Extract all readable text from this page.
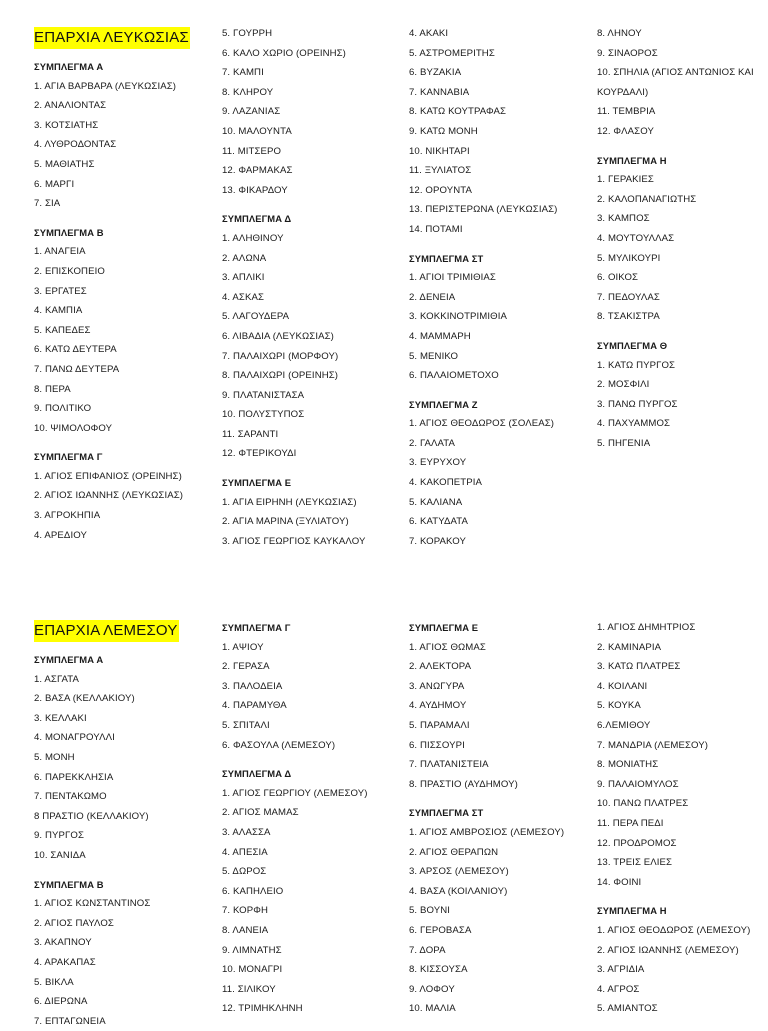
ΕΠΑΡΧΙΑ ΛΕΥΚΩΣΙΑΣ
ΣΥΜΠΛΕΓΜΑ Α
1. ΑΓΙΑ ΒΑΡΒΑΡΑ (ΛΕΥΚΩΣΙΑΣ)
2. ΑΝΑΛΙΟΝΤΑΣ
3. ΚΟΤΣΙΑΤΗΣ
4. ΛΥΘΡΟΔΟΝΤΑΣ
5. ΜΑΘΙΑΤΗΣ
6. ΜΑΡΓΙ
7. ΣΙΑ
ΣΥΜΠΛΕΓΜΑ Β
1. ΑΝΑΓΕΙΑ
2. ΕΠΙΣΚΟΠΕΙΟ
3. ΕΡΓΑΤΕΣ
4. ΚΑΜΠΙΑ
5. ΚΑΠΕΔΕΣ
6. ΚΑΤΩ ΔΕΥΤΕΡΑ
7. ΠΑΝΩ ΔΕΥΤΕΡΑ
8. ΠΕΡΑ
9. ΠΟΛΙΤΙΚΟ
10. ΨΙΜΟΛΟΦΟΥ
ΣΥΜΠΛΕΓΜΑ Γ
1. ΑΓΙΟΣ ΕΠΙΦΑΝΙΟΣ (ΟΡΕΙΝΗΣ)
2. ΑΓΙΟΣ ΙΩΑΝΝΗΣ (ΛΕΥΚΩΣΙΑΣ)
3. ΑΓΡΟΚΗΠΙΑ
4. ΑΡΕΔΙΟΥ
5. ΓΟΥΡΡΗ
6. ΚΑΛΟ ΧΩΡΙΟ (ΟΡΕΙΝΗΣ)
7. ΚΑΜΠΙ
8. ΚΛΗΡΟΥ
9. ΛΑΖΑΝΙΑΣ
10. ΜΑΛΟΥΝΤΑ
11. ΜΙΤΣΕΡΟ
12. ΦΑΡΜΑΚΑΣ
13. ΦΙΚΑΡΔΟΥ
ΣΥΜΠΛΕΓΜΑ Δ
1. ΑΛΗΘΙΝΟΥ
2. ΑΛΩΝΑ
3. ΑΠΛΙΚΙ
4. ΑΣΚΑΣ
5. ΛΑΓΟΥΔΕΡΑ
6. ΛΙΒΑΔΙΑ (ΛΕΥΚΩΣΙΑΣ)
7. ΠΑΛΑΙΧΩΡΙ (ΜΟΡΦΟΥ)
8. ΠΑΛΑΙΧΩΡΙ (ΟΡΕΙΝΗΣ)
9. ΠΛΑΤΑΝΙΣΤΑΣΑ
10. ΠΟΛΥΣΤΥΠΟΣ
11. ΣΑΡΑΝΤΙ
12. ΦΤΕΡΙΚΟΥΔΙ
ΣΥΜΠΛΕΓΜΑ Ε
1. ΑΓΙΑ ΕΙΡΗΝΗ (ΛΕΥΚΩΣΙΑΣ)
2. ΑΓΙΑ ΜΑΡΙΝΑ (ΞΥΛΙΑΤΟΥ)
3. ΑΓΙΟΣ ΓΕΩΡΓΙΟΣ ΚΑΥΚΑΛΟΥ
4. ΑΚΑΚΙ
5. ΑΣΤΡΟΜΕΡΙΤΗΣ
6. ΒΥΖΑΚΙΑ
7. ΚΑΝΝΑΒΙΑ
8. ΚΑΤΩ ΚΟΥΤΡΑΦΑΣ
9. ΚΑΤΩ ΜΟΝΗ
10. ΝΙΚΗΤΑΡΙ
11. ΞΥΛΙΑΤΟΣ
12. ΟΡΟΥΝΤΑ
13. ΠΕΡΙΣΤΕΡΩΝΑ (ΛΕΥΚΩΣΙΑΣ)
14. ΠΟΤΑΜΙ
ΣΥΜΠΛΕΓΜΑ ΣΤ
1. ΑΓΙΟΙ ΤΡΙΜΙΘΙΑΣ
2. ΔΕΝΕΙΑ
3. ΚΟΚΚΙΝΟΤΡΙΜΙΘΙΑ
4. ΜΑΜΜΑΡΗ
5. ΜΕΝΙΚΟ
6. ΠΑΛΑΙΟΜΕΤΟΧΟ
ΣΥΜΠΛΕΓΜΑ Ζ
1. ΑΓΙΟΣ ΘΕΟΔΩΡΟΣ (ΣΟΛΕΑΣ)
2. ΓΑΛΑΤΑ
3. ΕΥΡΥΧΟΥ
4. ΚΑΚΟΠΕΤΡΙΑ
5. ΚΑΛΙΑΝΑ
6. ΚΑΤΥΔΑΤΑ
7. ΚΟΡΑΚΟΥ
8. ΛΗΝΟΥ
9. ΣΙΝΑΟΡΟΣ
10. ΣΠΗΛΙΑ (ΑΓΙΟΣ ΑΝΤΩΝΙΟΣ ΚΑΙ
ΚΟΥΡΔΑΛΙ)
11. ΤΕΜΒΡΙΑ
12. ΦΛΑΣΟΥ
ΣΥΜΠΛΕΓΜΑ Η
1. ΓΕΡΑΚΙΕΣ
2. ΚΑΛΟΠΑΝΑΓΙΩΤΗΣ
3. ΚΑΜΠΟΣ
4. ΜΟΥΤΟΥΛΛΑΣ
5. ΜΥΛΙΚΟΥΡΙ
6. ΟΙΚΟΣ
7. ΠΕΔΟΥΛΑΣ
8. ΤΣΑΚΙΣΤΡΑ
ΣΥΜΠΛΕΓΜΑ Θ
1. ΚΑΤΩ ΠΥΡΓΟΣ
2. ΜΟΣΦΙΛΙ
3. ΠΑΝΩ ΠΥΡΓΟΣ
4. ΠΑΧΥΑΜΜΟΣ
5. ΠΗΓΕΝΙΑ
ΕΠΑΡΧΙΑ ΛΕΜΕΣΟΥ
ΣΥΜΠΛΕΓΜΑ Α
1. ΑΣΓΑΤΑ
2. ΒΑΣΑ (ΚΕΛΛΑΚΙΟΥ)
3. ΚΕΛΛΑΚΙ
4. ΜΟΝΑΓΡΟΥΛΛΙ
5. ΜΟΝΗ
6. ΠΑΡΕΚΚΛΗΣΙΑ
7. ΠΕΝΤΑΚΩΜΟ
8 ΠΡΑΣΤΙΟ (ΚΕΛΛΑΚΙΟΥ)
9. ΠΥΡΓΟΣ
10. ΣΑΝΙΔΑ
ΣΥΜΠΛΕΓΜΑ Β
1. ΑΓΙΟΣ ΚΩΝΣΤΑΝΤΙΝΟΣ
2. ΑΓΙΟΣ ΠΑΥΛΟΣ
3. ΑΚΑΠΝΟΥ
4. ΑΡΑΚΑΠΑΣ
5. ΒΙΚΛΑ
6. ΔΙΕΡΩΝΑ
7. ΕΠΤΑΓΩΝΕΙΑ
ΣΥΜΠΛΕΓΜΑ Γ
1. ΑΨΙΟΥ
2. ΓΕΡΑΣΑ
3. ΠΑΛΟΔΕΙΑ
4. ΠΑΡΑΜΥΘΑ
5. ΣΠΙΤΑΛΙ
6. ΦΑΣΟΥΛΑ (ΛΕΜΕΣΟΥ)
ΣΥΜΠΛΕΓΜΑ Δ
1. ΑΓΙΟΣ ΓΕΩΡΓΙΟΥ (ΛΕΜΕΣΟΥ)
2. ΑΓΙΟΣ ΜΑΜΑΣ
3. ΑΛΑΣΣΑ
4. ΑΠΕΣΙΑ
5. ΔΩΡΟΣ
6. ΚΑΠΗΛΕΙΟ
7. ΚΟΡΦΗ
8. ΛΑΝΕΙΑ
9. ΛΙΜΝΑΤΗΣ
10. ΜΟΝΑΓΡΙ
11. ΣΙΛΙΚΟΥ
12. ΤΡΙΜΗΚΛΗΝΗ
ΣΥΜΠΛΕΓΜΑ Ε
1. ΑΓΙΟΣ ΘΩΜΑΣ
2. ΑΛΕΚΤΟΡΑ
3. ΑΝΩΓΥΡΑ
4. ΑΥΔΗΜΟΥ
5. ΠΑΡΑΜΑΛΙ
6. ΠΙΣΣΟΥΡΙ
7. ΠΛΑΤΑΝΙΣΤΕΙΑ
8. ΠΡΑΣΤΙΟ (ΑΥΔΗΜΟΥ)
ΣΥΜΠΛΕΓΜΑ ΣΤ
1. ΑΓΙΟΣ ΑΜΒΡΟΣΙΟΣ (ΛΕΜΕΣΟΥ)
2. ΑΓΙΟΣ ΘΕΡΑΠΩΝ
3. ΑΡΣΟΣ (ΛΕΜΕΣΟΥ)
4. ΒΑΣΑ (ΚΟΙΛΑΝΙΟΥ)
5. ΒΟΥΝΙ
6. ΓΕΡΟΒΑΣΑ
7. ΔΟΡΑ
8. ΚΙΣΣΟΥΣΑ
9. ΛΟΦΟΥ
10. ΜΑΛΙΑ
1. ΑΓΙΟΣ ΔΗΜΗΤΡΙΟΣ
2. ΚΑΜΙΝΑΡΙΑ
3. ΚΑΤΩ ΠΛΑΤΡΕΣ
4. ΚΟΙΛΑΝΙ
5. ΚΟΥΚΑ
6.ΛΕΜΙΘΟΥ
7. ΜΑΝΔΡΙΑ (ΛΕΜΕΣΟΥ)
8. ΜΟΝΙΑΤΗΣ
9. ΠΑΛΑΙΟΜΥΛΟΣ
10. ΠΑΝΩ ΠΛΑΤΡΕΣ
11. ΠΕΡΑ ΠΕΔΙ
12. ΠΡΟΔΡΟΜΟΣ
13. ΤΡΕΙΣ ΕΛΙΕΣ
14. ΦΟΙΝΙ
ΣΥΜΠΛΕΓΜΑ Η
1. ΑΓΙΟΣ ΘΕΟΔΩΡΟΣ (ΛΕΜΕΣΟΥ)
2. ΑΓΙΟΣ ΙΩΑΝΝΗΣ (ΛΕΜΕΣΟΥ)
3. ΑΓΡΙΔΙΑ
4. ΑΓΡΟΣ
5. ΑΜΙΑΝΤΟΣ
